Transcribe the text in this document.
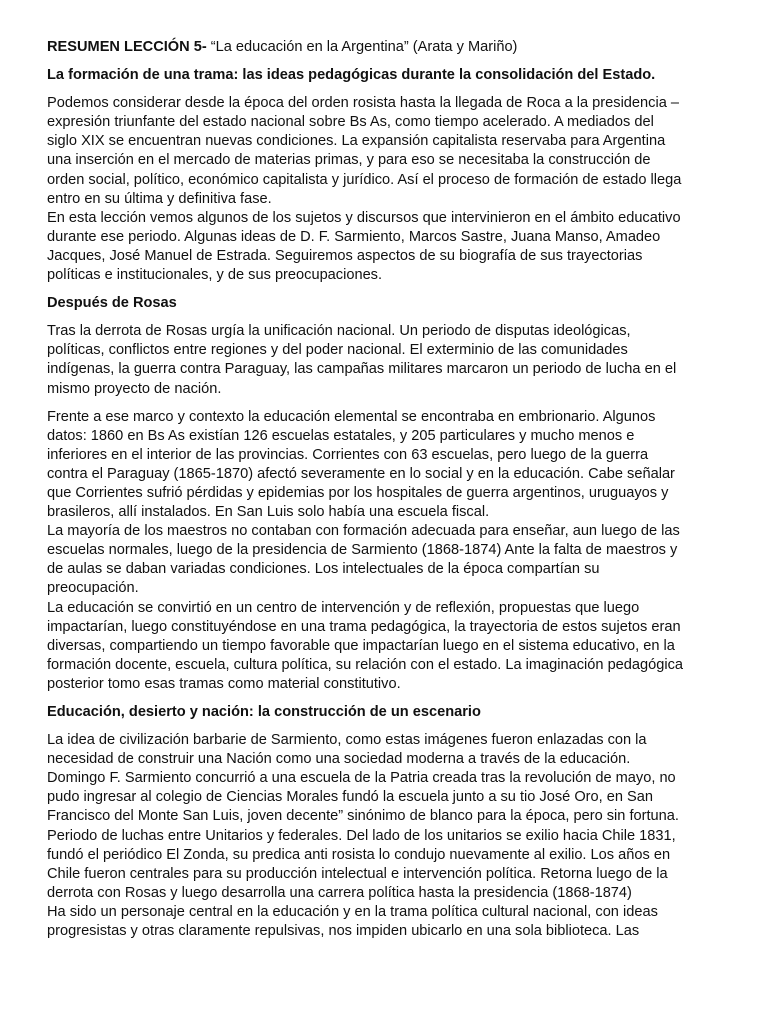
RESUMEN LECCIÓN 5- “La educación en la Argentina” (Arata y Mariño)

La formación de una trama: las ideas pedagógicas durante la consolidación del Estado.

Podemos considerar desde la época del orden rosista hasta la llegada de Roca a la presidencia –
expresión triunfante del estado nacional sobre Bs As, como tiempo acelerado. A mediados del
siglo XIX se encuentran nuevas condiciones. La expansión capitalista reservaba para Argentina
una inserción en el mercado de materias primas, y para eso se necesitaba la construcción de
orden social, político, económico capitalista y jurídico. Así el proceso de formación de estado llega
entro en su última y definitiva fase.
En esta lección vemos algunos de los sujetos y discursos que intervinieron en el ámbito educativo
durante ese periodo. Algunas ideas de D. F. Sarmiento, Marcos Sastre, Juana Manso, Amadeo
Jacques, José Manuel de Estrada. Seguiremos aspectos de su biografía de sus trayectorias
políticas e institucionales, y de sus preocupaciones.

Después de Rosas

Tras la derrota de Rosas urgía la unificación nacional. Un periodo de disputas ideológicas,
políticas, conflictos entre regiones y del poder nacional. El exterminio de las comunidades
indígenas, la guerra contra Paraguay, las campañas militares marcaron un periodo de lucha en el
mismo proyecto de nación.
Frente a ese marco y contexto la educación elemental se encontraba en embrionario. Algunos
datos: 1860 en Bs As existían 126 escuelas estatales, y 205 particulares y mucho menos e
inferiores en el interior de las provincias. Corrientes con 63 escuelas, pero luego de la guerra
contra el Paraguay (1865-1870) afectó severamente en lo social y en la educación. Cabe señalar
que Corrientes sufrió pérdidas y epidemias por los hospitales de guerra argentinos, uruguayos y
brasileros, allí instalados. En San Luis solo había una escuela fiscal.
La mayoría de los maestros no contaban con formación adecuada para enseñar, aun luego de las
escuelas normales, luego de la presidencia de Sarmiento (1868-1874) Ante la falta de maestros y
de aulas se daban variadas condiciones. Los intelectuales de la época compartían su
preocupación.
La educación se convirtió en un centro de intervención y de reflexión, propuestas que luego
impactarían, luego constituyéndose en una trama pedagógica, la trayectoria de estos sujetos eran
diversas, compartiendo un tiempo favorable que impactarían luego en el sistema educativo, en la
formación docente, escuela, cultura política, su relación con el estado. La imaginación pedagógica
posterior tomo esas tramas como material constitutivo.

Educación, desierto y nación: la construcción de un escenario

La idea de civilización barbarie de Sarmiento, como estas imágenes fueron enlazadas con la
necesidad de construir una Nación como una sociedad moderna a través de la educación.
Domingo F. Sarmiento concurrió a una escuela de la Patria creada tras la revolución de mayo, no
pudo ingresar al colegio de Ciencias Morales fundó la escuela junto a su tio José Oro, en San
Francisco del Monte San Luis, joven decente” sinónimo de blanco para la época, pero sin fortuna.
Periodo de luchas entre Unitarios y federales. Del lado de los unitarios se exilio hacia Chile 1831,
fundó el periódico El Zonda, su predica anti rosista lo condujo nuevamente al exilio. Los años en
Chile fueron centrales para su producción intelectual e intervención política. Retorna luego de la
derrota con Rosas y luego desarrolla una carrera política hasta la presidencia (1868-1874)
Ha sido un personaje central en la educación y en la trama política cultural nacional, con ideas
progresistas y otras claramente repulsivas, nos impiden ubicarlo en una sola biblioteca. Las
